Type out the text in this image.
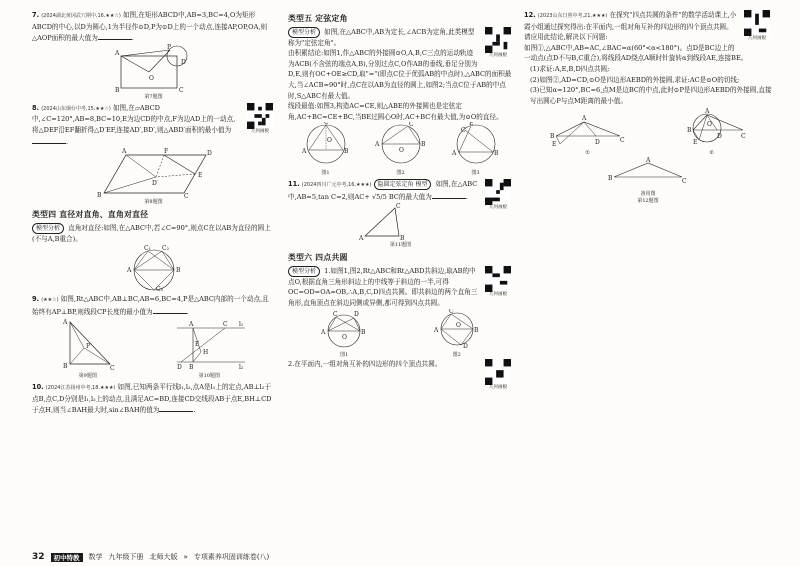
7. (2024湖北黄冈武穴期中,16,★★☆) 如图,在矩形ABCD中,AB=3,BC=4,O为矩形ABCD的中心,以D为圆心,1为半径作⊙D,P为⊙D上的一个动点,连接AP,OP,OA,则△AOP面积的最大值为	.
A
B	C
D
O
P
第7题图
几何画板
8. (2024山东烟台中考,15,★★☆) 如图,在▱ABCD中,∠C=120°,AB=8,BC=10,E为边CD的中点,F为边AD上的一动点,将△DEF沿EF翻折得△D′EF,连接AD′,BD′,则△ABD′面积的最小值为.
A
B	C
D
E
F
D′
第8题图
类型四 直径对直角、直角对直径
模型分析 直角对直径:如图,在△ABC中,若∠C=90°,则点C在以AB为直径的圆上(不与A,B重合)。
A	B
C₁ C₂
C₃
9. (★★☆) 如图,Rt△ABC中,AB⊥BC,AB=6,BC=4,P是△ABC内部的一个动点,且始终有AP⊥BP,则线段CP长度的最小值为	.
A
B	C
P
第9题图
A	C l₁
B
D	l₂
E
H
第10题图
10. (2024江苏扬州中考,18,★★★) 如图,已知两条平行线l₁,l₂,点A是l₁上的定点,AB⊥l₂于点B,点C,D分别是l₁,l₂上的动点,且满足AC=BD,连接CD交线段AB于点E,BH⊥CD于点H,则当∠BAH最大时,sin∠BAH的值为	.
类型五 定弦定角
几何画板
模型分析 如图,在△ABC中,AB为定长,∠ACB为定角,此类模型称为"定弦定角"。
由积累结论:如图1,作△ABC的外接圆⊙O,A,B,C三点的运动轨迹为ACB(不含弦的端点A,B),分别过点C,O作AB的垂线,垂足分别为D,E,则有OC+OE≥CD,取"="(即点C位于优弧AB的中点时),△ABC的面积最大,当∠ACB=90°时,点C在以AB为直径的圆上,如图2;当点C位于AB的中点时,S△ABC有最大值。
线段最值:如图3,构造AC=CE,则△ABE的外接圆也是定弦定角,AC+BC=CE+BC,当BE过圆心O时,AC+BC有最大值,为⊙O的直径。
A	B
C
O
图1
A	B
C
O
图2
A	B
E
C
图3
几何画板
11. (2024四川广元中考,16,★★★) 隐圆定弦定角 模型 如图,在△ABC中,AB=5,tan C=2,则AC+ √5/5 BC的最大值为	.
A	B
C
第11题图
类型六 四点共圆
几何画板
模型分析 1.如图1,图2,Rt△ABC和Rt△ABD共斜边,取AB的中点O,根据直角三角形斜边上的中线等于斜边的一半,可得OC=OD=OA=OB,∴A,B,C,D四点共圆。即共斜边的两个直角三角形,直角顶点在斜边同侧或异侧,都可得到四点共圆。
A	B
C	D
O
图1
A	B
C
D
O
图2
几何画板
2.在平面内,一组对角互补的四边形的四个顶点共圆。
几何画板
12. (2023山东日照中考,21,★★★) 在探究"四点共圆的条件"的数学活动课上,小霞小组通过探究得出:在平面内,一组对角互补的四边形的四个顶点共圆。请应用此结论,解决以下问题:
如图①,△ABC中,AB=AC,∠BAC=α(60°<α<180°)。点D是BC边上的一动点(点D不与B,C重合),将线段AD绕点A顺时针旋转α到线段AE,连接BE。
(1)求证:A,E,B,D四点共圆;
(2)如图②,AD=CD,⊙O是四边形AEBD的外接圆,求证:AC是⊙O的切线;
(3)已知α=120°,BC=6,点M是边BC的中点,此时⊙P是四边形AEBD的外接圆,直接写出圆心P与点M距离的最小值。
B
C
A
D
E
①
B
C
A
D
E
O
②
B	C
A
备用图
第12题图
32	初中特教	数学 九年级下册 北师大版 » 专项素养巩固训练卷(八)
